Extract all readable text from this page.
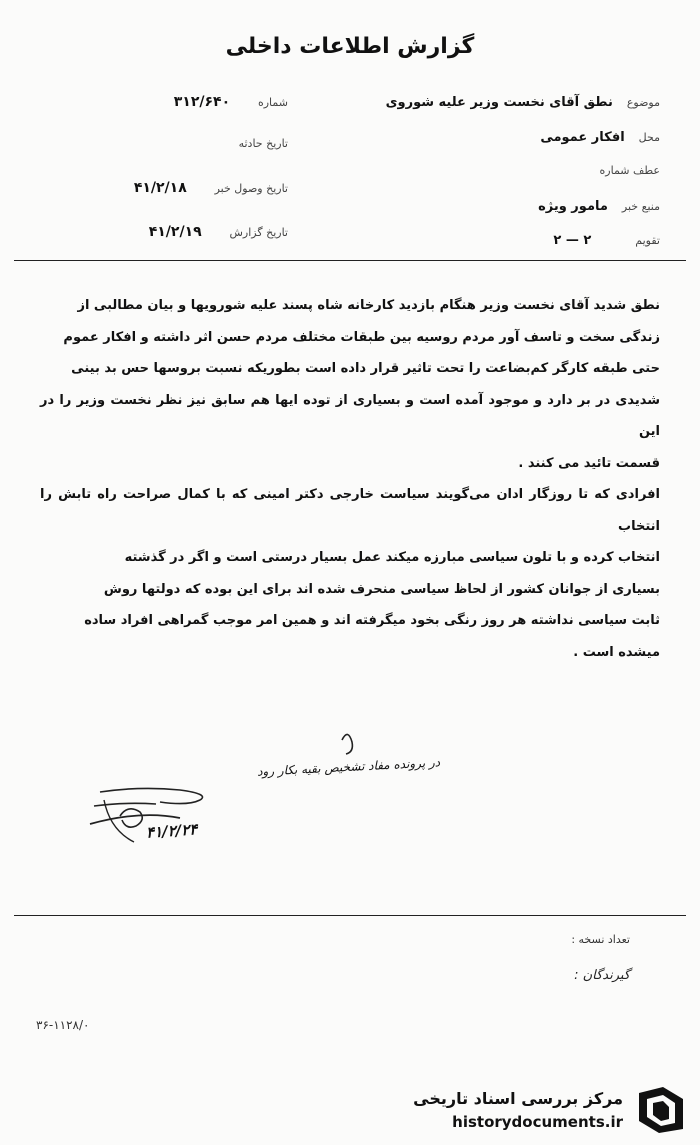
گزارش اطلاعات داخلی
موضوع نطق آقای نخست وزیر علیه شوروی
محل افکار عمومی
عطف شماره
منبع خبر مامور ویژه
تقویم ۲ — ۲
شماره ۳۱۲/۶۴۰
تاریخ حادثه
تاریخ وصول خبر ۴۱/۲/۱۸
تاریخ گزارش ۴۱/۲/۱۹

نطق شدید آقای نخست وزیر هنگام بازدید کارخانه شاه پسند علیه شورویها و بیان مطالبی از

زندگی سخت و تاسف آور مردم روسیه بین طبقات مختلف مردم حسن اثر داشته و افکار عموم

حتی طبقه کارگر کم‌بضاعت را تحت تاثیر قرار داده است بطوریکه نسبت بروسها حس بد بینی

شدیدی در بر دارد و موجود آمده است و بسیاری از توده ایها هم سابق نیز نظر نخست وزیر را در این

قسمت تائید می کنند .

افرادی که تا روزگار ادان می‌گویند سیاست خارجی دکتر امینی که با کمال صراحت راه تابش را انتخاب

انتخاب کرده و با تلون سیاسی مبارزه میکند عمل بسیار درستی است و اگر در گذشته

بسیاری از جوانان کشور از لحاظ سیاسی منحرف شده اند برای این بوده که دولتها روش

ثابت سیاسی نداشته هر روز رنگی بخود میگرفته اند و همین امر موجب گمراهی افراد ساده

میشده است .

در پرونده مفاد تشخیص بقیه بکار رود
۴۱/۲/۲۴
تعداد نسخه :
گیرندگان :
۳۶-۱۱۲۸/۰
مرکز بررسی اسناد تاریخی
historydocuments.ir
